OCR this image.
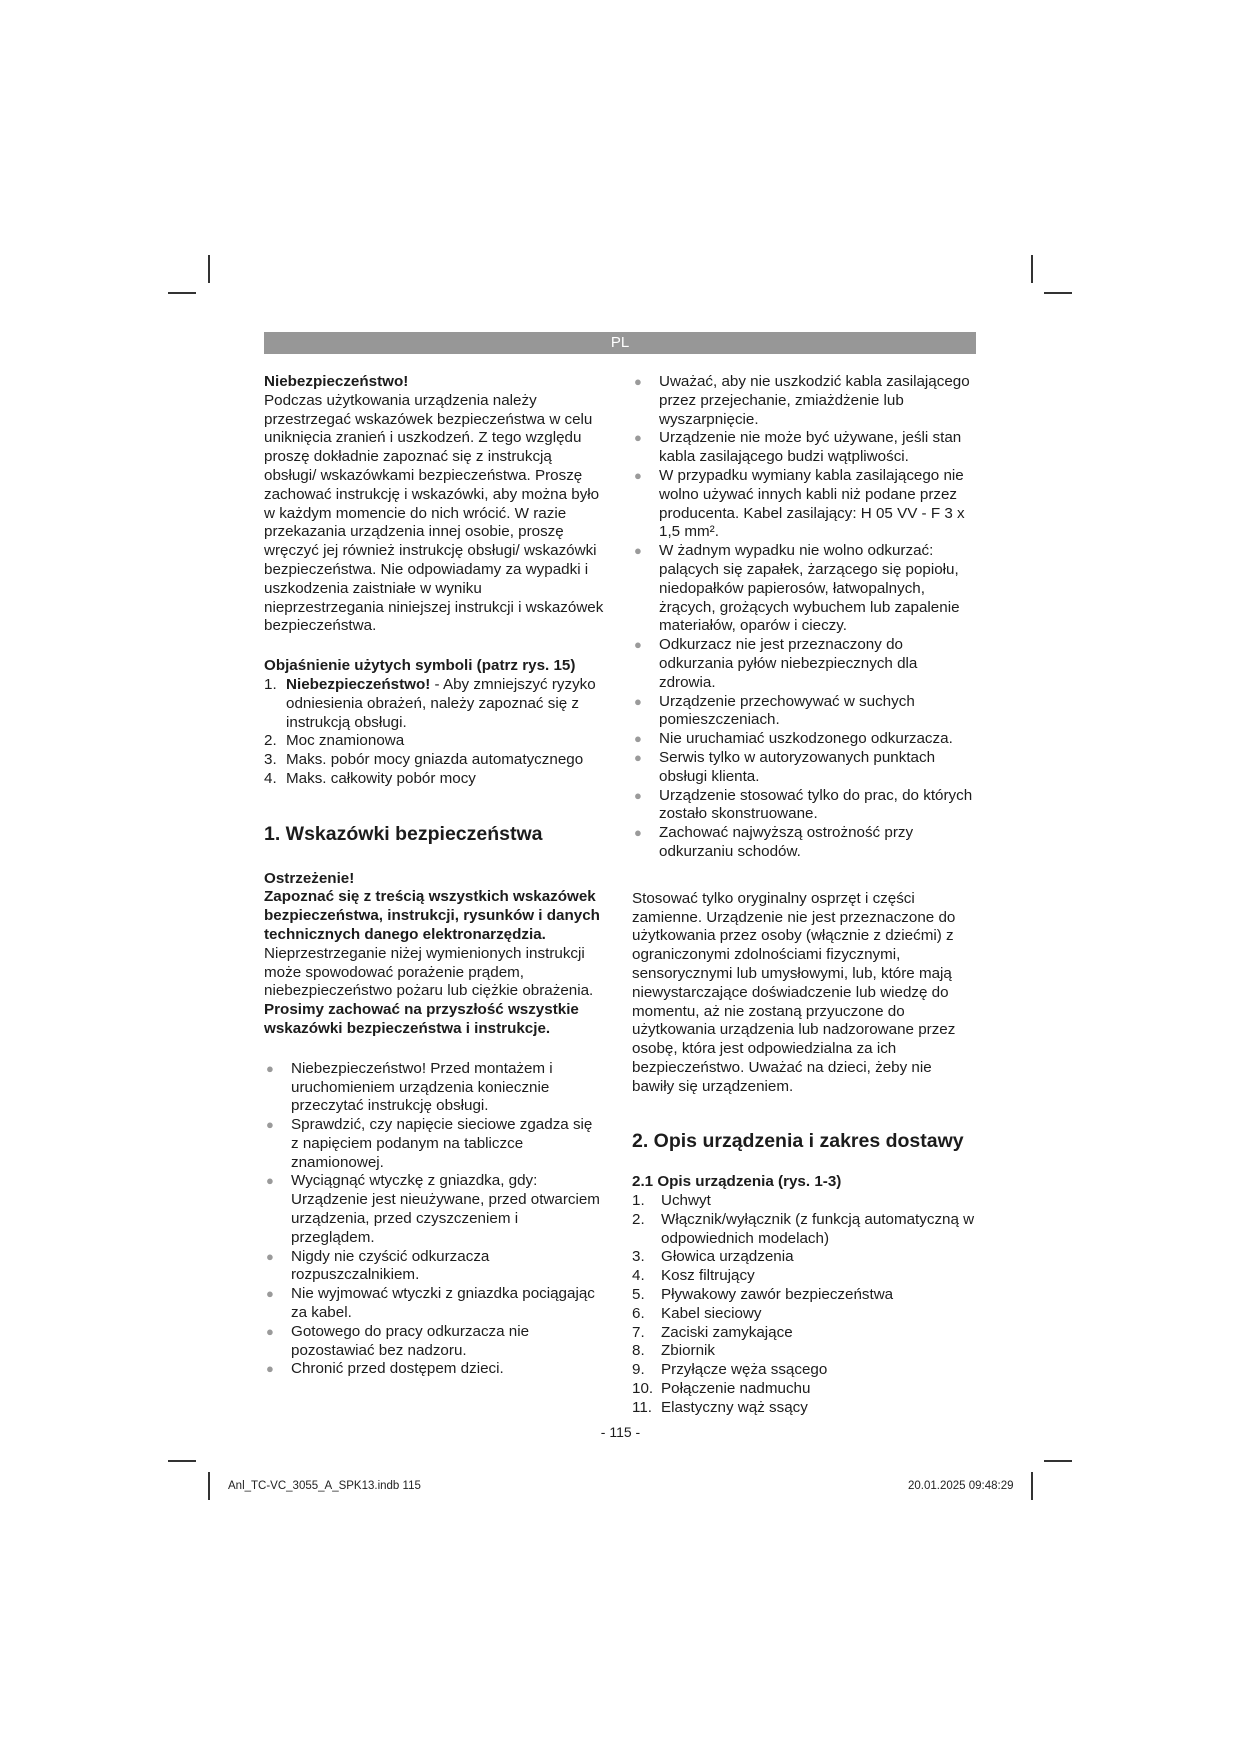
PL

Niebezpieczeństwo!

Podczas użytkowania urządzenia należy przestrzegać wskazówek bezpieczeństwa w celu uniknięcia zranień i uszkodzeń. Z tego względu proszę dokładnie zapoznać się z instrukcją obsługi/ wskazówkami bezpieczeństwa. Proszę zachować instrukcję i wskazówki, aby można było w każdym momencie do nich wrócić. W razie przekazania urządzenia innej osobie, proszę wręczyć jej również instrukcję obsługi/ wskazówki bezpieczeństwa. Nie odpowiadamy za wypadki i uszkodzenia zaistniałe w wyniku nieprzestrzegania niniejszej instrukcji i wskazówek bezpieczeństwa.

Objaśnienie użytych symboli (patrz rys. 15)

1. Niebezpieczeństwo! - Aby zmniejszyć ryzyko odniesienia obrażeń, należy zapoznać się z instrukcją obsługi.
2. Moc znamionowa
3. Maks. pobór mocy gniazda automatycznego
4. Maks. całkowity pobór mocy

1. Wskazówki bezpieczeństwa

Ostrzeżenie!

Zapoznać się z treścią wszystkich wskazówek bezpieczeństwa, instrukcji, rysunków i danych technicznych danego elektronarzędzia. Nieprzestrzeganie niżej wymienionych instrukcji może spowodować porażenie prądem, niebezpieczeństwo pożaru lub ciężkie obrażenia.

Prosimy zachować na przyszłość wszystkie wskazówki bezpieczeństwa i instrukcje.

● Niebezpieczeństwo! Przed montażem i uruchomieniem urządzenia koniecznie przeczytać instrukcję obsługi.
● Sprawdzić, czy napięcie sieciowe zgadza się z napięciem podanym na tabliczce znamionowej.
● Wyciągnąć wtyczkę z gniazdka, gdy: Urządzenie jest nieużywane, przed otwarciem urządzenia, przed czyszczeniem i przeglądem.
● Nigdy nie czyścić odkurzacza rozpuszczalnikiem.
● Nie wyjmować wtyczki z gniazdka pociągając za kabel.
● Gotowego do pracy odkurzacza nie pozostawiać bez nadzoru.
● Chronić przed dostępem dzieci.
● Uważać, aby nie uszkodzić kabla zasilającego przez przejechanie, zmiażdżenie lub wyszarpnięcie.
● Urządzenie nie może być używane, jeśli stan kabla zasilającego budzi wątpliwości.
● W przypadku wymiany kabla zasilającego nie wolno używać innych kabli niż podane przez producenta. Kabel zasilający: H 05 VV - F 3 x 1,5 mm².
● W żadnym wypadku nie wolno odkurzać: palących się zapałek, żarzącego się popiołu, niedopałków papierosów, łatwopalnych, żrących, grożących wybuchem lub zapalenie materiałów, oparów i cieczy.
● Odkurzacz nie jest przeznaczony do odkurzania pyłów niebezpiecznych dla zdrowia.
● Urządzenie przechowywać w suchych pomieszczeniach.
● Nie uruchamiać uszkodzonego odkurzacza.
● Serwis tylko w autoryzowanych punktach obsługi klienta.
● Urządzenie stosować tylko do prac, do których zostało skonstruowane.
● Zachować najwyższą ostrożność przy odkurzaniu schodów.

Stosować tylko oryginalny osprzęt i części zamienne. Urządzenie nie jest przeznaczone do użytkowania przez osoby (włącznie z dziećmi) z ograniczonymi zdolnościami fizycznymi, sensorycznymi lub umysłowymi, lub, które mają niewystarczające doświadczenie lub wiedzę do momentu, aż nie zostaną przyuczone do użytkowania urządzenia lub nadzorowane przez osobę, która jest odpowiedzialna za ich bezpieczeństwo. Uważać na dzieci, żeby nie bawiły się urządzeniem.

2. Opis urządzenia i zakres dostawy

2.1 Opis urządzenia (rys. 1-3)

1.	Uchwyt
2.	Włącznik/wyłącznik (z funkcją automatyczną w odpowiednich modelach)
3.	Głowica urządzenia
4.	Kosz filtrujący
5.	Pływakowy zawór bezpieczeństwa
6.	Kabel sieciowy
7.	Zaciski zamykające
8.	Zbiornik
9.	Przyłącze węża ssącego
10. Połączenie nadmuchu
11. Elastyczny wąż ssący
- 115 -
Anl_TC-VC_3055_A_SPK13.indb 115	20.01.2025 09:48:29
